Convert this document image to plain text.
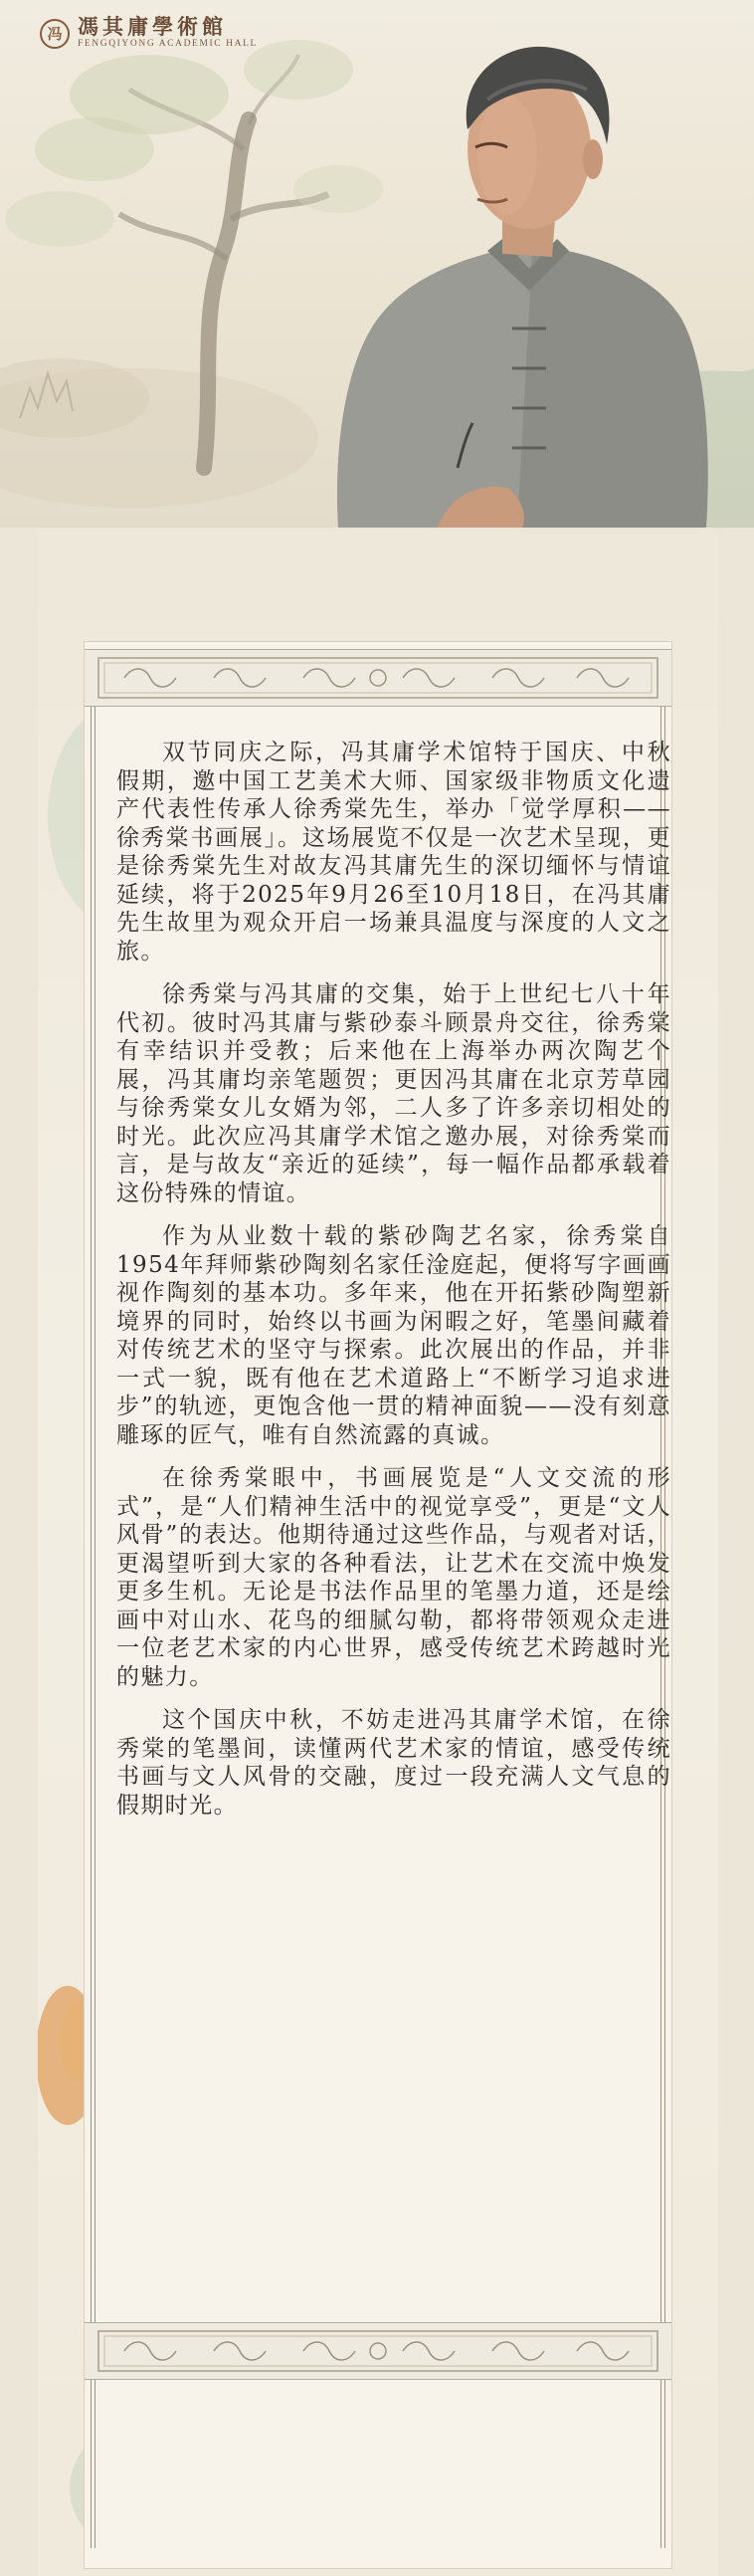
冯 馮其庸學術館
FENGQIYONG ACADEMIC HALL

双节同庆之际，冯其庸学术馆特于国庆、中秋假期，邀中国工艺美术大师、国家级非物质文化遗产代表性传承人徐秀棠先生，举办「觉学厚积——徐秀棠书画展」。这场展览不仅是一次艺术呈现，更是徐秀棠先生对故友冯其庸先生的深切缅怀与情谊延续，将于2025年9月26至10月18日，在冯其庸先生故里为观众开启一场兼具温度与深度的人文之旅。

徐秀棠与冯其庸的交集，始于上世纪七八十年代初。彼时冯其庸与紫砂泰斗顾景舟交往，徐秀棠有幸结识并受教；后来他在上海举办两次陶艺个展，冯其庸均亲笔题贺；更因冯其庸在北京芳草园与徐秀棠女儿女婿为邻，二人多了许多亲切相处的时光。此次应冯其庸学术馆之邀办展，对徐秀棠而言，是与故友“亲近的延续”，每一幅作品都承载着这份特殊的情谊。

作为从业数十载的紫砂陶艺名家，徐秀棠自1954年拜师紫砂陶刻名家任淦庭起，便将写字画画视作陶刻的基本功。多年来，他在开拓紫砂陶塑新境界的同时，始终以书画为闲暇之好，笔墨间藏着对传统艺术的坚守与探索。此次展出的作品，并非一式一貌，既有他在艺术道路上“不断学习追求进步”的轨迹，更饱含他一贯的精神面貌——没有刻意雕琢的匠气，唯有自然流露的真诚。

在徐秀棠眼中，书画展览是“人文交流的形式”，是“人们精神生活中的视觉享受”，更是“文人风骨”的表达。他期待通过这些作品，与观者对话，更渴望听到大家的各种看法，让艺术在交流中焕发更多生机。无论是书法作品里的笔墨力道，还是绘画中对山水、花鸟的细腻勾勒，都将带领观众走进一位老艺术家的内心世界，感受传统艺术跨越时光的魅力。

这个国庆中秋，不妨走进冯其庸学术馆，在徐秀棠的笔墨间，读懂两代艺术家的情谊，感受传统书画与文人风骨的交融，度过一段充满人文气息的假期时光。
